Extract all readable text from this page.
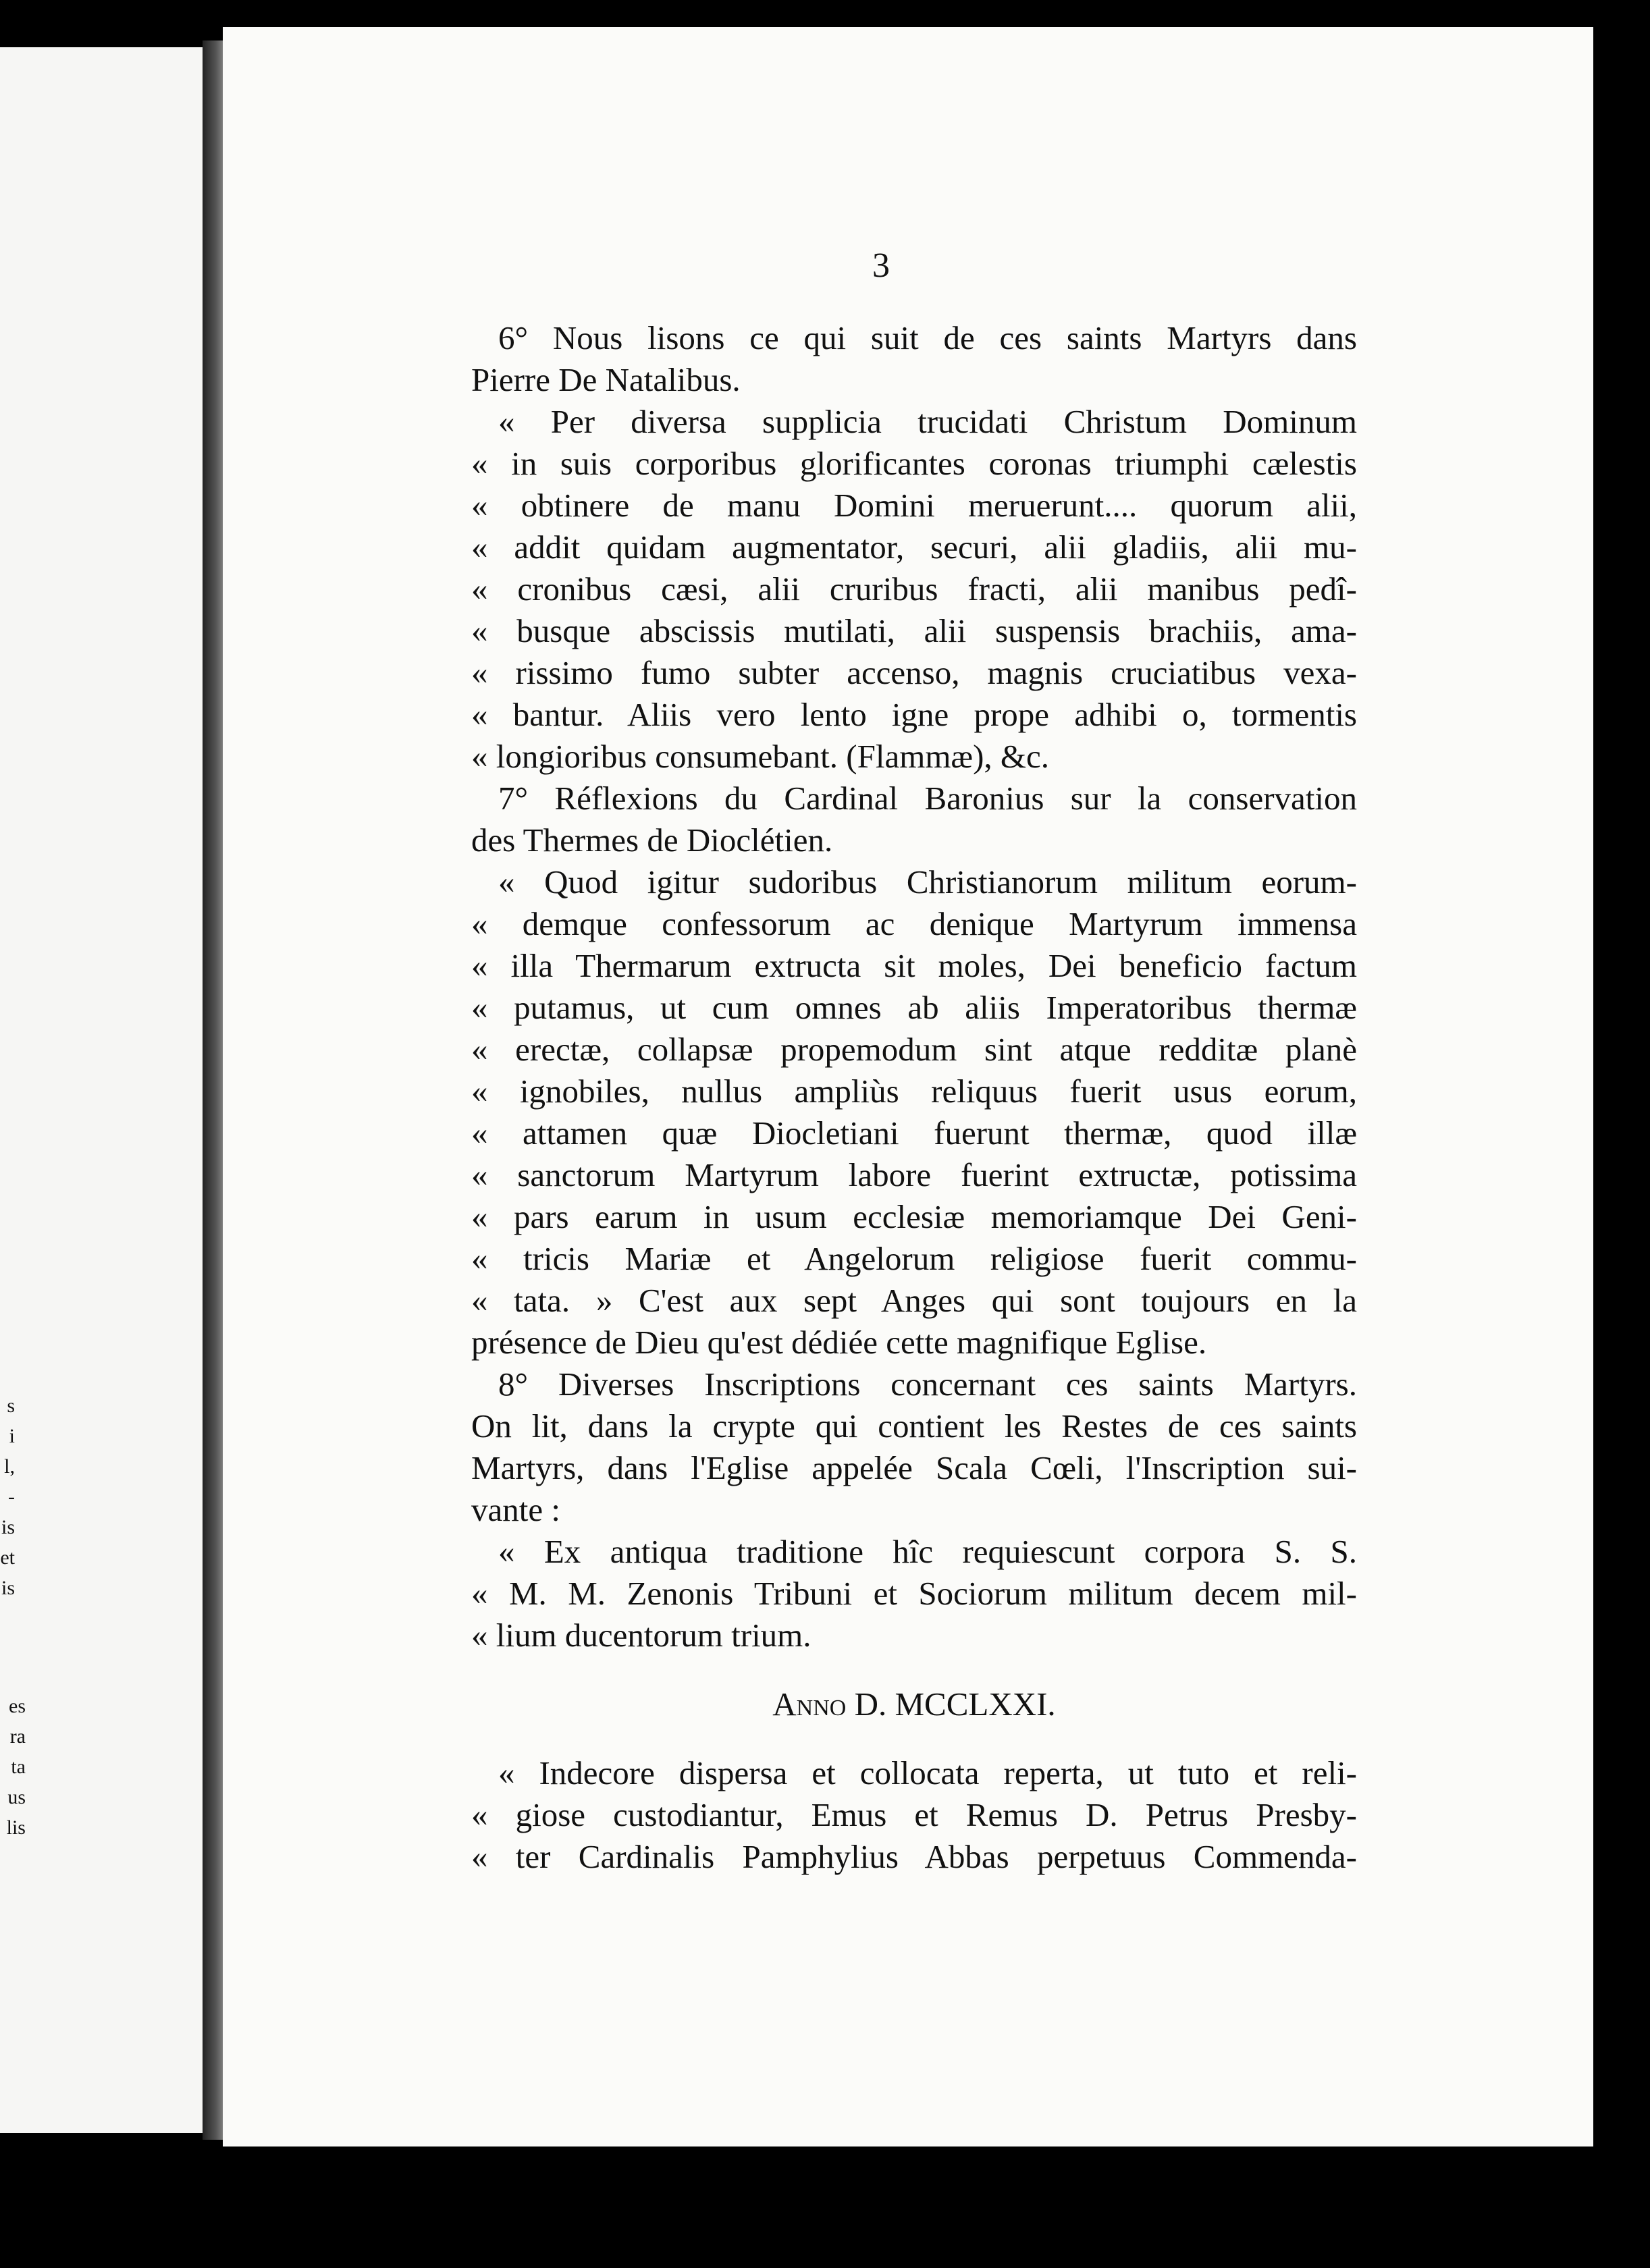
s
i
l,
-
is
et
is
es
ra
ta
us
lis
3
6° Nous lisons ce qui suit de ces saints Martyrs dans
Pierre De Natalibus.
« Per diversa supplicia trucidati Christum Dominum
« in suis corporibus glorificantes coronas triumphi cælestis
« obtinere de manu Domini meruerunt.... quorum alii,
« addit quidam augmentator, securi, alii gladiis, alii mu-
« cronibus cæsi, alii cruribus fracti, alii manibus pedî-
« busque abscissis mutilati, alii suspensis brachiis, ama-
« rissimo fumo subter accenso, magnis cruciatibus vexa-
« bantur. Aliis vero lento igne prope adhibi o, tormentis
« longioribus consumebant. (Flammæ), &c.
7° Réflexions du Cardinal Baronius sur la conservation
des Thermes de Dioclétien.
« Quod igitur sudoribus Christianorum militum eorum-
« demque confessorum ac denique Martyrum immensa
« illa Thermarum extructa sit moles, Dei beneficio factum
« putamus, ut cum omnes ab aliis Imperatoribus thermæ
« erectæ, collapsæ propemodum sint atque redditæ planè
« ignobiles, nullus ampliùs reliquus fuerit usus eorum,
« attamen quæ Diocletiani fuerunt thermæ, quod illæ
« sanctorum Martyrum labore fuerint extructæ, potissima
« pars earum in usum ecclesiæ memoriamque Dei Geni-
« tricis Mariæ et Angelorum religiose fuerit commu-
« tata. » C'est aux sept Anges qui sont toujours en la
présence de Dieu qu'est dédiée cette magnifique Eglise.
8° Diverses Inscriptions concernant ces saints Martyrs.
On lit, dans la crypte qui contient les Restes de ces saints
Martyrs, dans l'Eglise appelée Scala Cœli, l'Inscription sui-
vante :
« Ex antiqua traditione hîc requiescunt corpora S. S.
« M. M. Zenonis Tribuni et Sociorum militum decem mil-
« lium ducentorum trium.
Anno D. MCCLXXI.
« Indecore dispersa et collocata reperta, ut tuto et reli-
« giose custodiantur, Emus et Remus D. Petrus Presby-
« ter Cardinalis Pamphylius Abbas perpetuus Commenda-
